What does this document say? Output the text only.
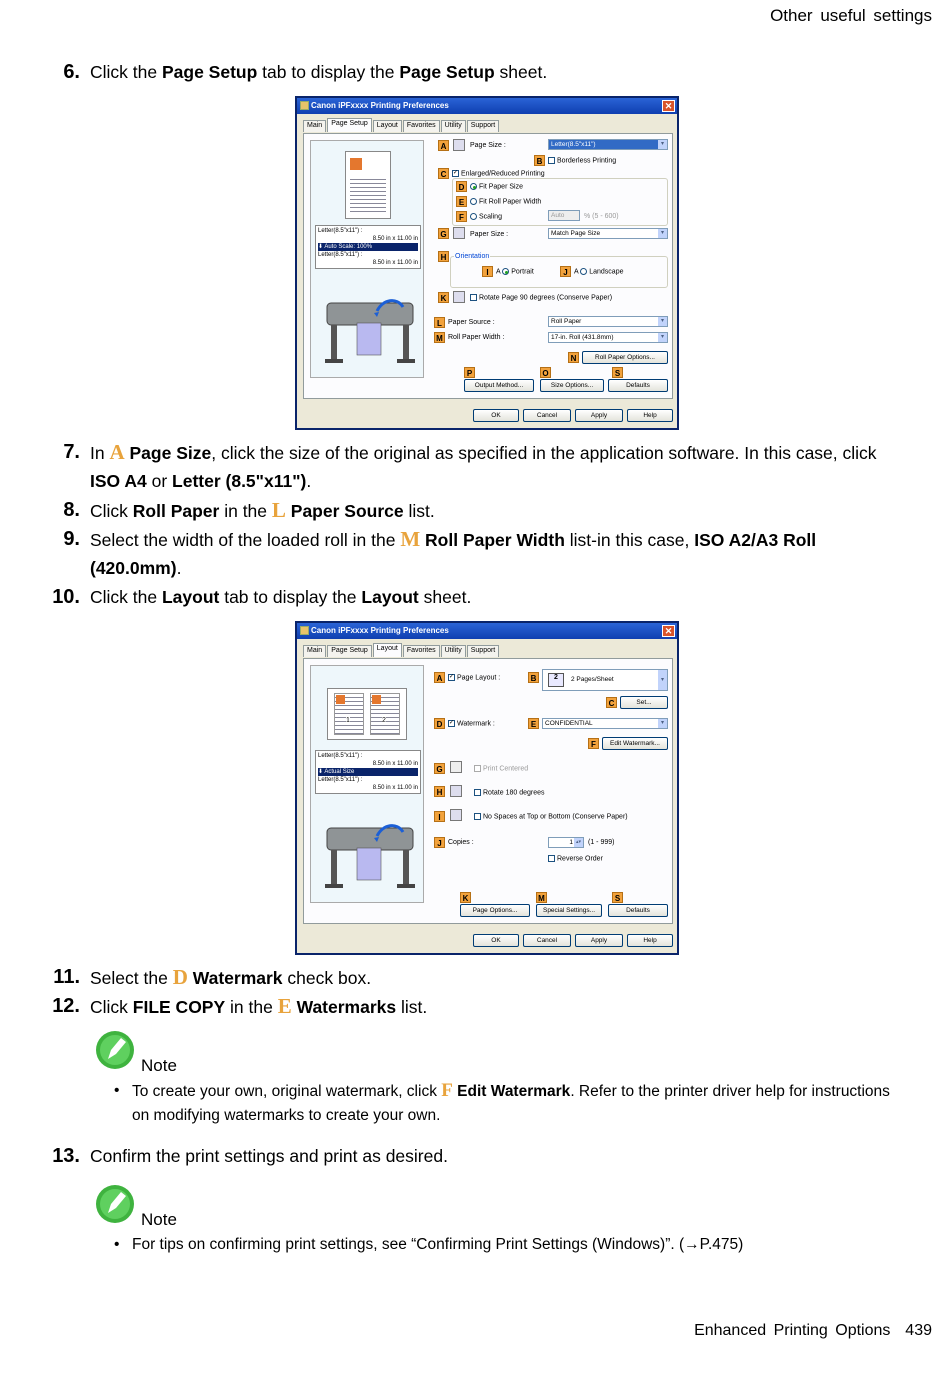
Other useful settings
6. Click the Page Setup tab to display the Page Setup sheet.
Canon iPFxxxx Printing Preferences	✕
Main	Page Setup	Layout	Favorites	Utility	Support
Letter(8.5"x11") :
8.50 in x 11.00 in
⬇ Auto Scale: 100%
Letter(8.5"x11") :
8.50 in x 11.00 in
A	Page Size :	Letter(8.5"x11")	▾
B	Borderless Printing
C	✓ Enlarged/Reduced Printing
D	Fit Paper Size
E	Fit Roll Paper Width
F	Scaling	Auto	% (5 - 600)
G	Paper Size :	Match Page Size	▾
H	Orientation
I	A Portrait	J A Landscape
K	Rotate Page 90 degrees (Conserve Paper)
L Paper Source :	Roll Paper	▾
M Roll Paper Width :	17-in. Roll (431.8mm)	▾
N	Roll Paper Options...
P	O	S
Output Method...	Size Options...	Defaults
OK	Cancel	Apply	Help
7. In A Page Size, click the size of the original as specified in the application software. In this case, click ISO A4 or Letter (8.5"x11").
8. Click Roll Paper in the L Paper Source list.
9. Select the width of the loaded roll in the M Roll Paper Width list-in this case, ISO A2/A3 Roll (420.0mm).
10. Click the Layout tab to display the Layout sheet.
Canon iPFxxxx Printing Preferences	✕
Main	Page Setup	Layout	Favorites	Utility	Support
1	2
Letter(8.5"x11") :
8.50 in x 11.00 in
⬇ Actual Size
Letter(8.5"x11") :
8.50 in x 11.00 in
A	✓ Page Layout :	B	2 Pages/Sheet	▾
2
C	Set...
D	✓ Watermark :	E	CONFIDENTIAL	▾
F	Edit Watermark...
G	Print Centered
H	Rotate 180 degrees
I	No Spaces at Top or Bottom (Conserve Paper)
J Copies :	1 ▴▾ (1 - 999)
Reverse Order
K	M	S
Page Options...	Special Settings...	Defaults
OK	Cancel	Apply	Help
11. Select the D Watermark check box.
12. Click FILE COPY in the E Watermarks list.
Note
• To create your own, original watermark, click F Edit Watermark. Refer to the printer driver help for instructions on modifying watermarks to create your own.
13. Confirm the print settings and print as desired.
Note
• For tips on confirming print settings, see “Confirming Print Settings (Windows)”. (→P.475)
Enhanced Printing Options 439
